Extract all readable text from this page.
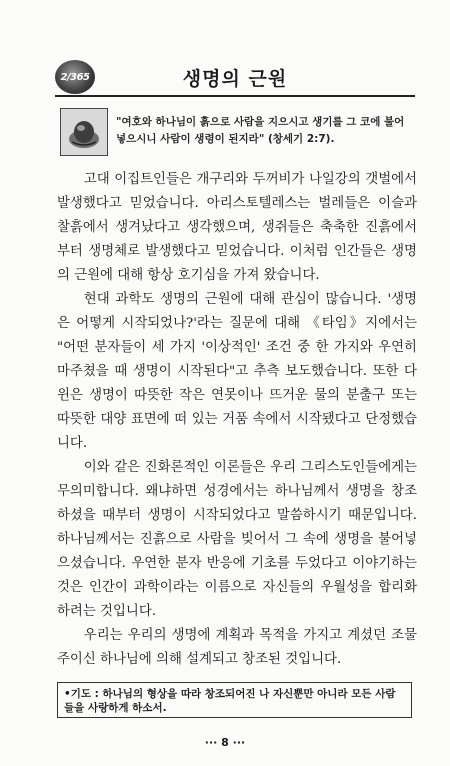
2/365	생명의 근원
"여호와 하나님이 흙으로 사람을 지으시고 생기를 그 코에 불어 넣으시니 사람이 생령이 된지라" (창세기 2:7).

고대 이집트인들은 개구리와 두꺼비가 나일강의 갯벌에서 발생했다고 믿었습니다. 아리스토텔레스는 벌레들은 이슬과 찰흙에서 생겨났다고 생각했으며, 생쥐들은 축축한 진흙에서부터 생명체로 발생했다고 믿었습니다. 이처럼 인간들은 생명의 근원에 대해 항상 호기심을 가져 왔습니다.

현대 과학도 생명의 근원에 대해 관심이 많습니다. '생명은 어떻게 시작되었나?'라는 질문에 대해 《타임》지에서는 "어떤 분자들이 세 가지 '이상적인' 조건 중 한 가지와 우연히 마주쳤을 때 생명이 시작된다"고 추측 보도했습니다. 또한 다윈은 생명이 따뜻한 작은 연못이나 뜨거운 물의 분출구 또는 따뜻한 대양 표면에 떠 있는 거품 속에서 시작됐다고 단정했습니다.

이와 같은 진화론적인 이론들은 우리 그리스도인들에게는 무의미합니다. 왜냐하면 성경에서는 하나님께서 생명을 창조하셨을 때부터 생명이 시작되었다고 말씀하시기 때문입니다. 하나님께서는 진흙으로 사람을 빚어서 그 속에 생명을 불어넣으셨습니다. 우연한 분자 반응에 기초를 두었다고 이야기하는 것은 인간이 과학이라는 이름으로 자신들의 우월성을 합리화하려는 것입니다.

우리는 우리의 생명에 계획과 목적을 가지고 계셨던 조물주이신 하나님에 의해 설계되고 창조된 것입니다.

•기도 : 하나님의 형상을 따라 창조되어진 나 자신뿐만 아니라 모든 사람들을 사랑하게 하소서.
··· 8 ···
